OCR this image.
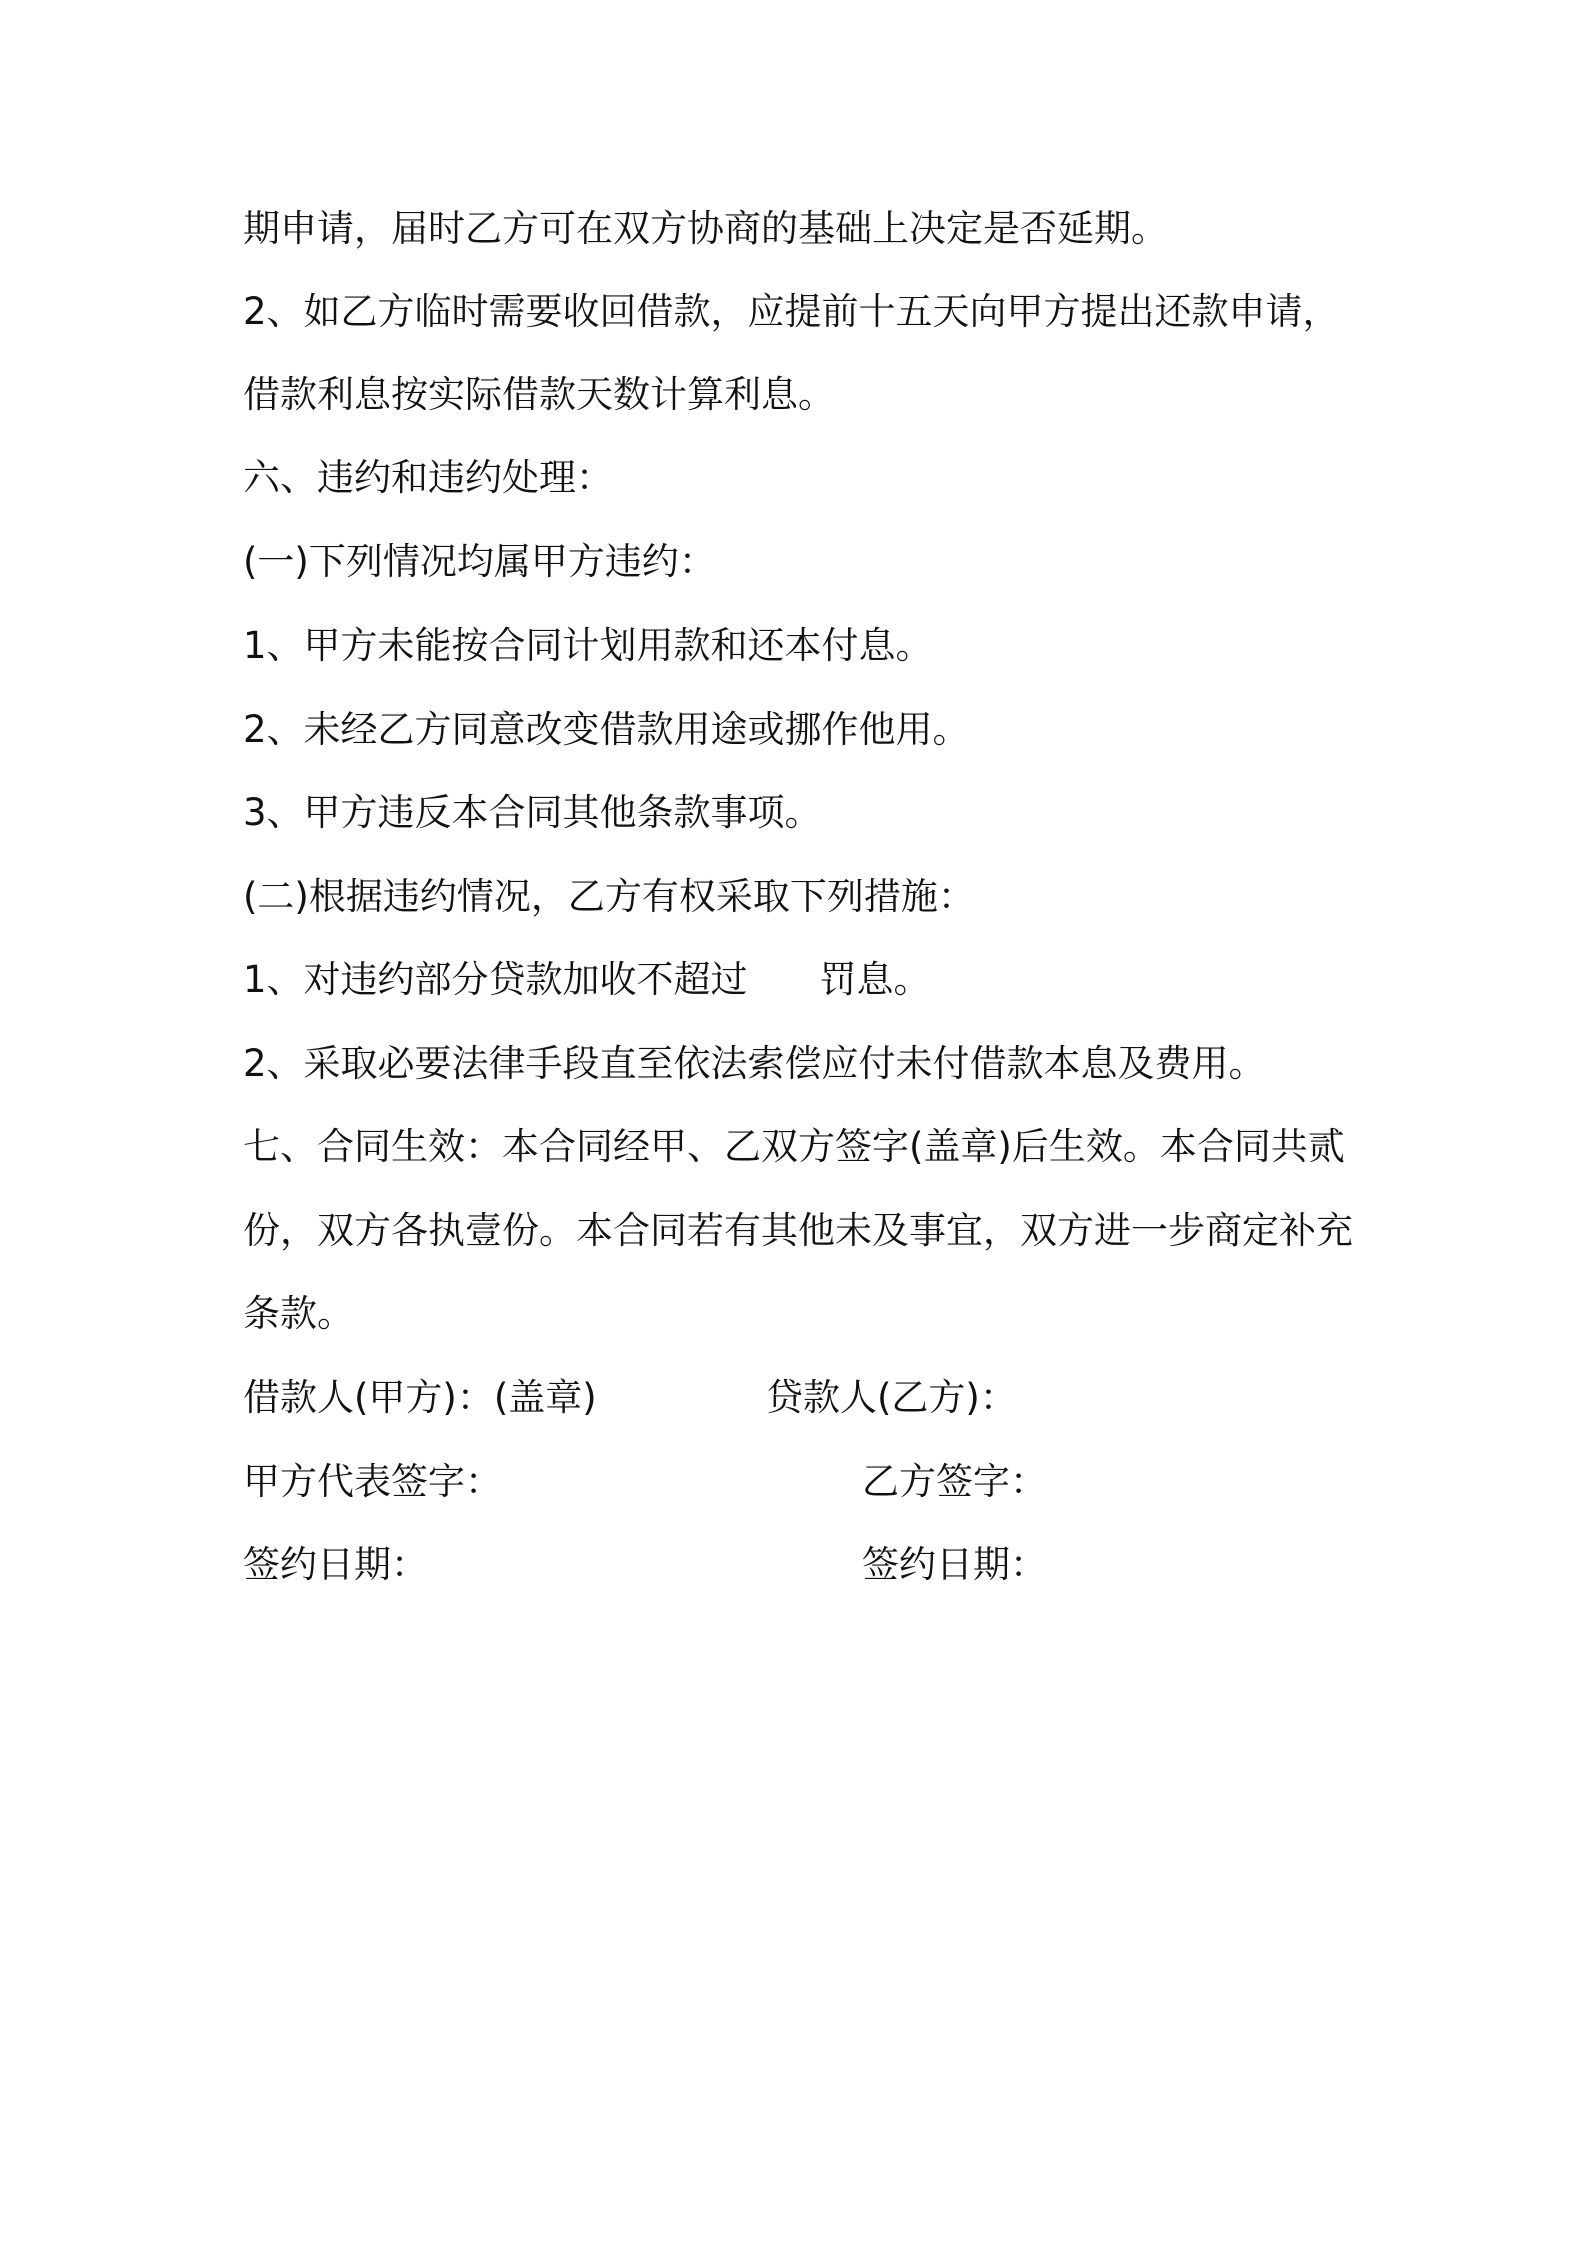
期申请，届时乙方可在双方协商的基础上决定是否延期。
2、如乙方临时需要收回借款，应提前十五天向甲方提出还款申请，
借款利息按实际借款天数计算利息。
六、违约和违约处理：
(一)下列情况均属甲方违约：
1、甲方未能按合同计划用款和还本付息。
2、未经乙方同意改变借款用途或挪作他用。
3、甲方违反本合同其他条款事项。
(二)根据违约情况，乙方有权采取下列措施：
1、对违约部分贷款加收不超过 罚息。
2、采取必要法律手段直至依法索偿应付未付借款本息及费用。
七、合同生效：本合同经甲、乙双方签字(盖章)后生效。本合同共贰
份，双方各执壹份。本合同若有其他未及事宜，双方进一步商定补充
条款。
借款人(甲方)：(盖章)	贷款人(乙方)：
甲方代表签字：	乙方签字：
签约日期：	签约日期：
